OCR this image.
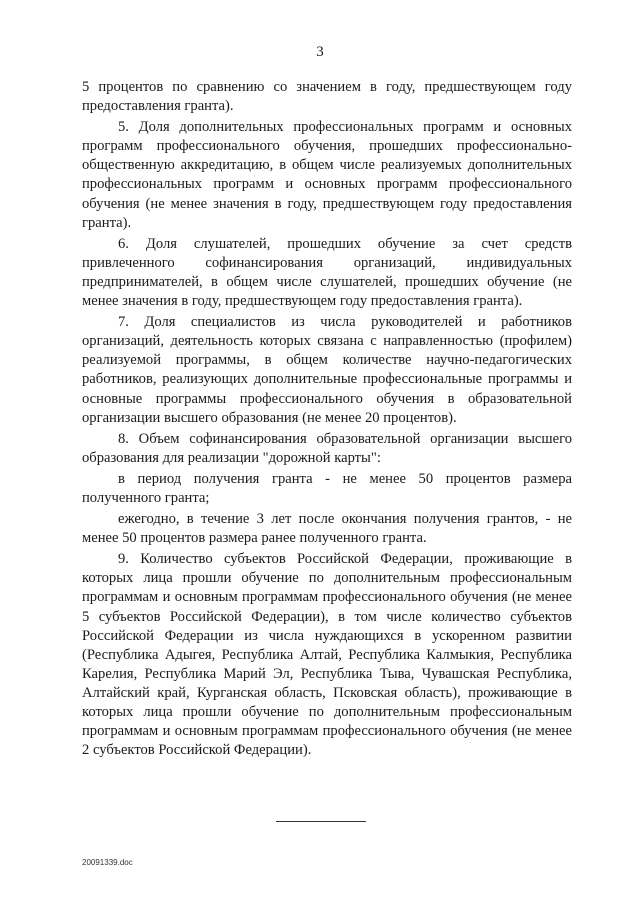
3

5 процентов по сравнению со значением в году, предшествующем году предоставления гранта).

5. Доля дополнительных профессиональных программ и основных программ профессионального обучения, прошедших профессионально-общественную аккредитацию, в общем числе реализуемых дополнительных профессиональных программ и основных программ профессионального обучения (не менее значения в году, предшествующем году предоставления гранта).

6. Доля слушателей, прошедших обучение за счет средств привлеченного софинансирования организаций, индивидуальных предпринимателей, в общем числе слушателей, прошедших обучение (не менее значения в году, предшествующем году предоставления гранта).

7. Доля специалистов из числа руководителей и работников организаций, деятельность которых связана с направленностью (профилем) реализуемой программы, в общем количестве научно-педагогических работников, реализующих дополнительные профессиональные программы и основные программы профессионального обучения в образовательной организации высшего образования (не менее 20 процентов).

8. Объем софинансирования образовательной организации высшего образования для реализации "дорожной карты":

в период получения гранта - не менее 50 процентов размера полученного гранта;

ежегодно, в течение 3 лет после окончания получения грантов, - не менее 50 процентов размера ранее полученного гранта.

9. Количество субъектов Российской Федерации, проживающие в которых лица прошли обучение по дополнительным профессиональным программам и основным программам профессионального обучения (не менее 5 субъектов Российской Федерации), в том числе количество субъектов Российской Федерации из числа нуждающихся в ускоренном развитии (Республика Адыгея, Республика Алтай, Республика Калмыкия, Республика Карелия, Республика Марий Эл, Республика Тыва, Чувашская Республика, Алтайский край, Курганская область, Псковская область), проживающие в которых лица прошли обучение по дополнительным профессиональным программам и основным программам профессионального обучения (не менее 2 субъектов Российской Федерации).

20091339.doc
